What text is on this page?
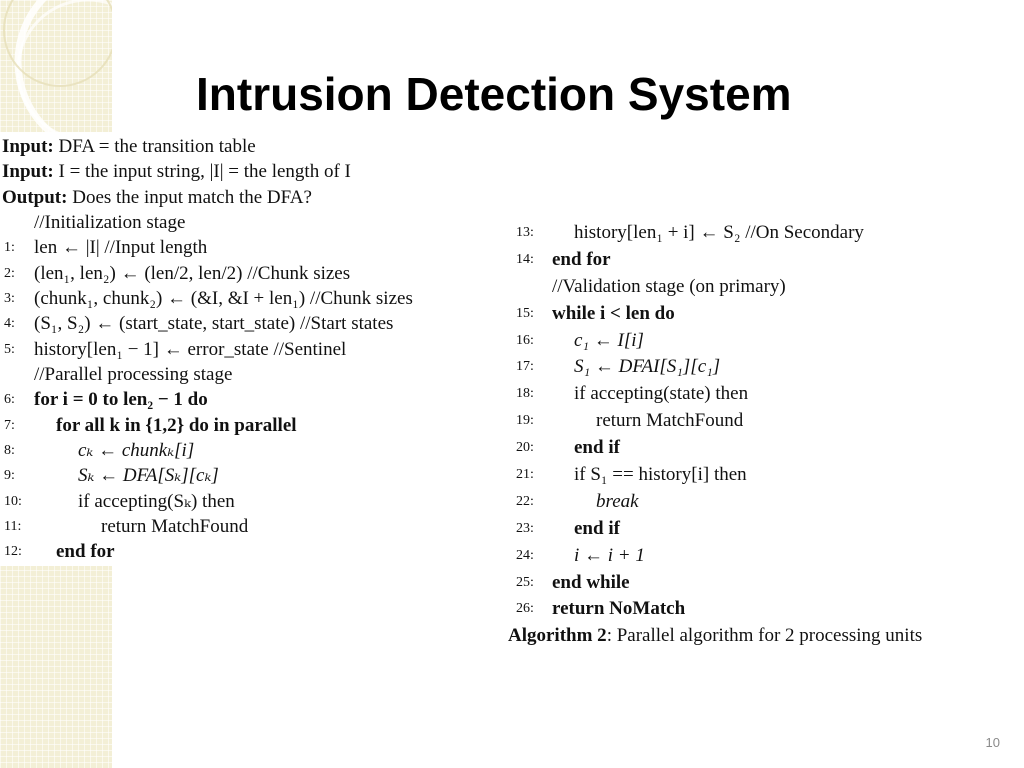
Intrusion Detection System
Input: DFA = the transition table
Input: I = the input string, |I| = the length of I
Output: Does the input match the DFA?
//Initialization stage
1: len ← |I| //Input length
2: (len₁, len₂) ← (len/2, len/2) //Chunk sizes
3: (chunk₁, chunk₂) ← (&I, &I + len₁) //Chunk sizes
4: (S₁, S₂) ← (start_state, start_state) //Start states
5: history[len₁ − 1] ← error_state //Sentinel
//Parallel processing stage
6: for i = 0 to len₂ − 1 do
7:	for all k in {1,2} do in parallel
8:	cₖ ← chunkₖ[i]
9:	Sₖ ← DFA[Sₖ][cₖ]
10:	if accepting(Sₖ) then
11:	return MatchFound
12:	end for
13:	history[len₁ + i] ← S₂ //On Secondary
14: end for
//Validation stage (on primary)
15: while i < len do
16:	c₁ ← I[i]
17:	S₁ ← DFAI[S₁][c₁]
18:	if accepting(state) then
19:	return MatchFound
20:	end if
21:	if S₁ == history[i] then
22:	break
23:	end if
24:	i ← i + 1
25: end while
26: return NoMatch
Algorithm 2: Parallel algorithm for 2 processing units
10
